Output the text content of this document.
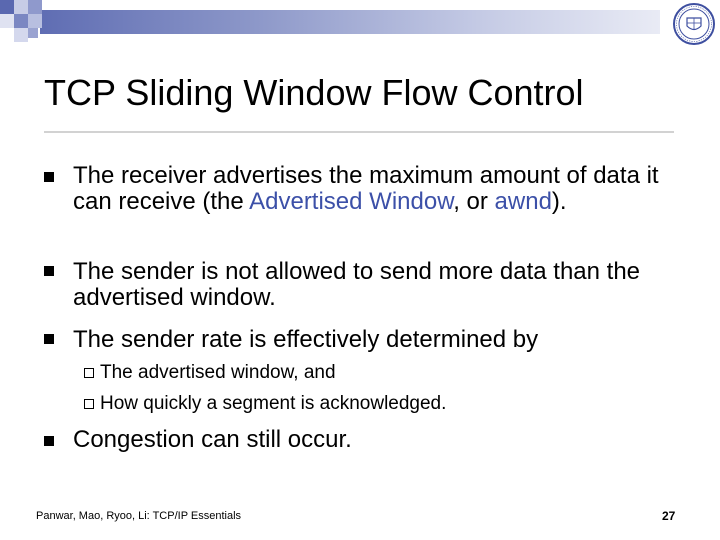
TCP Sliding Window Flow Control
The receiver advertises the maximum amount of data it can receive (the Advertised Window, or awnd).
The sender is not allowed to send more data than the advertised window.
The sender rate is effectively determined by
The advertised window, and
How quickly a segment is acknowledged.
Congestion can still occur.
Panwar, Mao, Ryoo, Li: TCP/IP Essentials	27
